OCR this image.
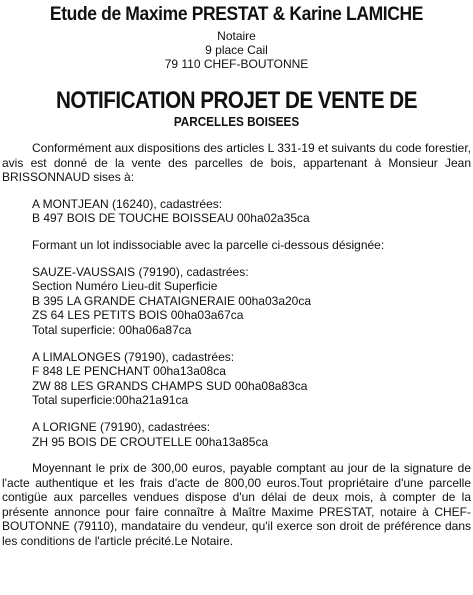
Etude de Maxime PRESTAT & Karine LAMICHE
Notaire
9 place Cail
79 110 CHEF-BOUTONNE
NOTIFICATION PROJET DE VENTE DE
PARCELLES BOISEES

Conformément aux dispositions des articles L 331-19 et suivants du code forestier, avis est donné de la vente des parcelles de bois, appartenant à Monsieur Jean BRISSONNAUD sises à:

A MONTJEAN (16240), cadastrées:
B 497 BOIS DE TOUCHE BOISSEAU 00ha02a35ca
Formant un lot indissociable avec la parcelle ci-dessous désignée:
SAUZE-VAUSSAIS (79190), cadastrées:
Section Numéro Lieu-dit Superficie
B 395 LA GRANDE CHATAIGNERAIE 00ha03a20ca
ZS 64 LES PETITS BOIS 00ha03a67ca
Total superficie: 00ha06a87ca
A LIMALONGES (79190), cadastrées:
F 848 LE PENCHANT 00ha13a08ca
ZW 88 LES GRANDS CHAMPS SUD 00ha08a83ca
Total superficie:00ha21a91ca
A LORIGNE (79190), cadastrées:
ZH 95 BOIS DE CROUTELLE 00ha13a85ca

Moyennant le prix de 300,00 euros, payable comptant au jour de la signature de l'acte authentique et les frais d'acte de 800,00 euros.Tout propriétaire d'une parcelle contigüe aux parcelles vendues dispose d'un délai de deux mois, à compter de la présente annonce pour faire connaître à Maître Maxime PRESTAT, notaire à CHEF-BOUTONNE (79110), mandataire du vendeur, qu'il exerce son droit de préférence dans les conditions de l'article précité.Le Notaire.
